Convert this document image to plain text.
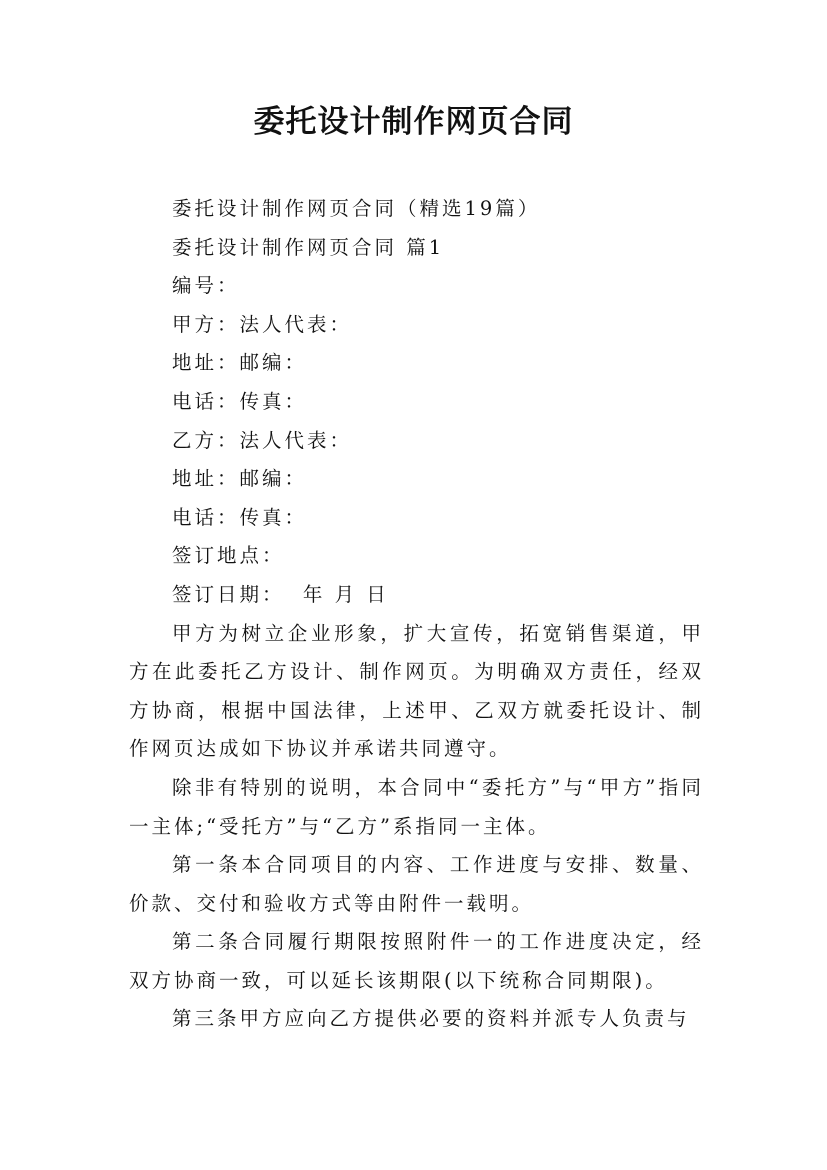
委托设计制作网页合同

委托设计制作网页合同（精选19篇）

委托设计制作网页合同 篇1

编号：

甲方：法人代表：

地址：邮编：

电话：传真：

乙方：法人代表：

地址：邮编：

电话：传真：

签订地点：

签订日期：  年 月 日

甲方为树立企业形象，扩大宣传，拓宽销售渠道，甲方在此委托乙方设计、制作网页。为明确双方责任，经双方协商，根据中国法律，上述甲、乙双方就委托设计、制作网页达成如下协议并承诺共同遵守。

除非有特别的说明，本合同中“委托方”与“甲方”指同一主体;“受托方”与“乙方”系指同一主体。

第一条本合同项目的内容、工作进度与安排、数量、价款、交付和验收方式等由附件一载明。

第二条合同履行期限按照附件一的工作进度决定，经双方协商一致，可以延长该期限(以下统称合同期限)。

第三条甲方应向乙方提供必要的资料并派专人负责与
